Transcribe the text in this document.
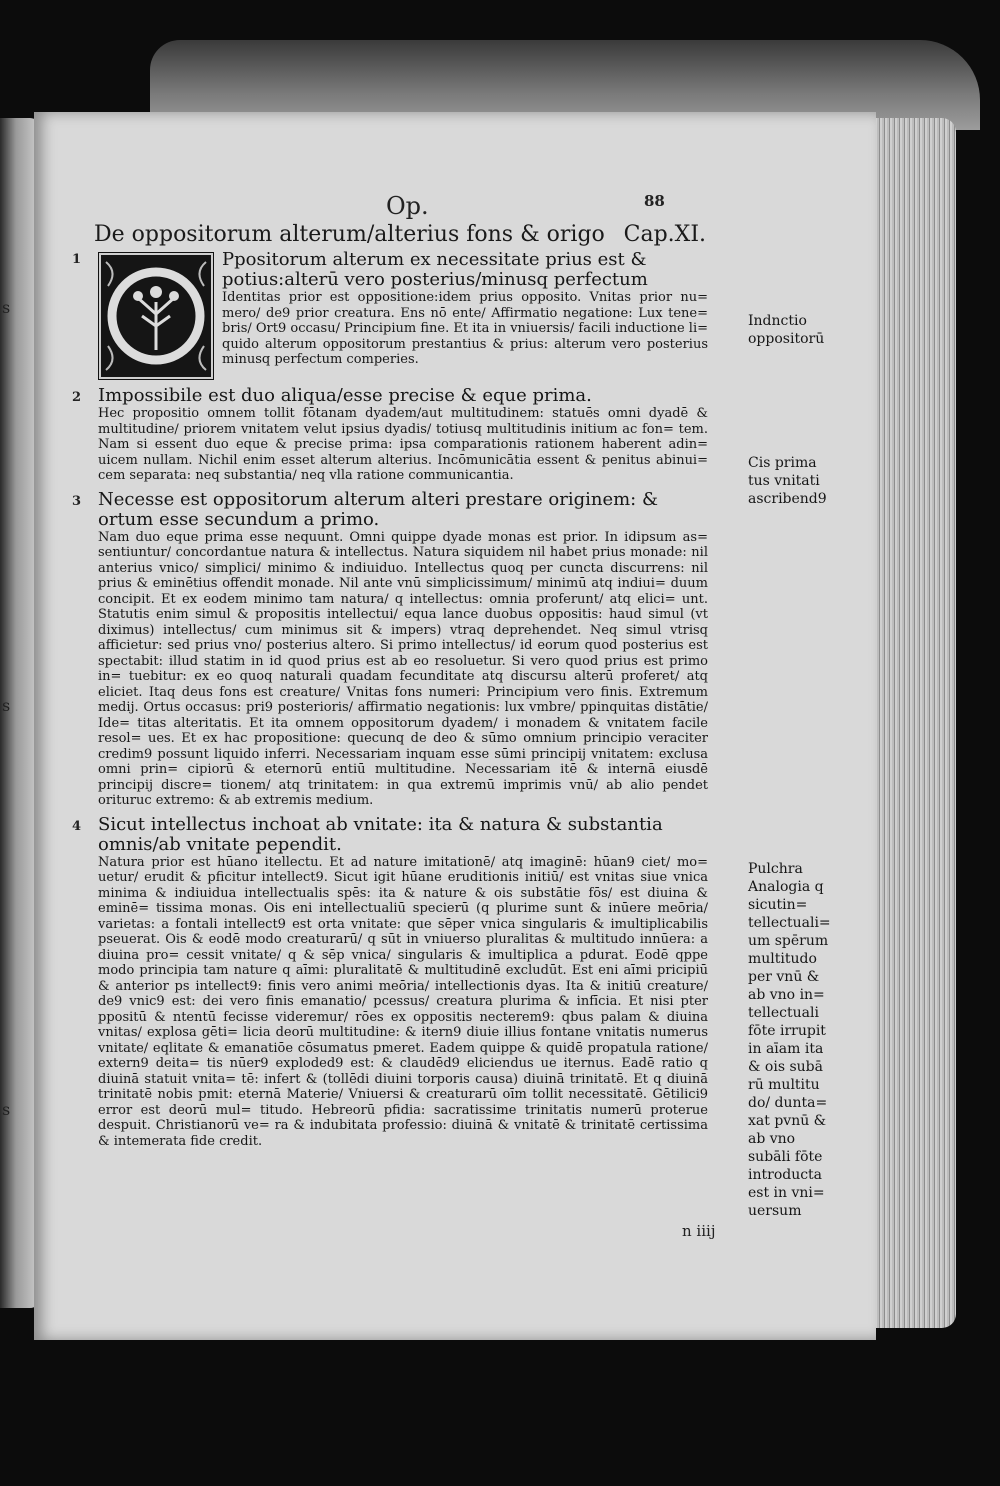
s
s
s
Op.	88
De oppositorum alterum/alterius fons & origo Cap.XI.
1	Ppositorum alterum ex necessitate prius est & potius:alterū vero posterius/minusq perfectum

Identitas prior est oppositione:idem prius opposito. Vnitas prior nu= mero/ de9 prior creatura. Ens nō ente/ Affirmatio negatione: Lux tene= bris/ Ort9 occasu/ Principium fine. Et ita in vniuersis/ facili inductione li= quido alterum oppositorum prestantius & prius: alterum vero posterius minusq perfectum comperies.

2 Impossibile est duo aliqua/esse precise & eque prima.

Hec propositio omnem tollit fōtanam dyadem/aut multitudinem: statuēs omni dyadē & multitudine/ priorem vnitatem velut ipsius dyadis/ totiusq multitudinis initium ac fon= tem. Nam si essent duo eque & precise prima: ipsa comparationis rationem haberent adin= uicem nullam. Nichil enim esset alterum alterius. Incōmunicātia essent & penitus abinui= cem separata: neq substantia/ neq vlla ratione communicantia.

3 Necesse est oppositorum alterum alteri prestare originem: & ortum esse secundum a primo.

Nam duo eque prima esse nequunt. Omni quippe dyade monas est prior. In idipsum as= sentiuntur/ concordantue natura & intellectus. Natura siquidem nil habet prius monade: nil anterius vnico/ simplici/ minimo & indiuiduo. Intellectus quoq per cuncta discurrens: nil prius & eminētius offendit monade. Nil ante vnū simplicissimum/ minimū atq indiui= duum concipit. Et ex eodem minimo tam natura/ q intellectus: omnia proferunt/ atq elici= unt. Statutis enim simul & propositis intellectui/ equa lance duobus oppositis: haud simul (vt diximus) intellectus/ cum minimus sit & impers) vtraq deprehendet. Neq simul vtrisq afficietur: sed prius vno/ posterius altero. Si primo intellectus/ id eorum quod posterius est spectabit: illud statim in id quod prius est ab eo resoluetur. Si vero quod prius est primo in= tuebitur: ex eo quoq naturali quadam fecunditate atq discursu alterū proferet/ atq eliciet. Itaq deus fons est creature/ Vnitas fons numeri: Principium vero finis. Extremum medij. Ortus occasus: pri9 posterioris/ affirmatio negationis: lux vmbre/ ppinquitas distātie/ Ide= titas alteritatis. Et ita omnem oppositorum dyadem/ i monadem & vnitatem facile resol= ues. Et ex hac propositione: quecunq de deo & sūmo omnium principio veraciter credim9 possunt liquido inferri. Necessariam inquam esse sūmi principij vnitatem: exclusa omni prin= cipiorū & eternorū entiū multitudine. Necessariam itē & internā eiusdē principij discre= tionem/ atq trinitatem: in qua extremū imprimis vnū/ ab alio pendet orituruc extremo: & ab extremis medium.

4 Sicut intellectus inchoat ab vnitate: ita & natura & substantia omnis/ab vnitate pependit.

Natura prior est hūano itellectu. Et ad nature imitationē/ atq imaginē: hūan9 ciet/ mo= uetur/ erudit & pficitur intellect9. Sicut igit hūane eruditionis initiū/ est vnitas siue vnica minima & indiuidua intellectualis spēs: ita & nature & ois substātie fōs/ est diuina & eminē= tissima monas. Ois eni intellectualiū specierū (q plurime sunt & inūere meōria/ varietas: a fontali intellect9 est orta vnitate: que sēper vnica singularis & imultiplicabilis pseuerat. Ois & eodē modo creaturarū/ q sūt in vniuerso pluralitas & multitudo innūera: a diuina pro= cessit vnitate/ q & sēp vnica/ singularis & imultiplica a pdurat. Eodē qppe modo principia tam nature q aīmi: pluralitatē & multitudinē excludūt. Est eni aīmi pricipiū & anterior ps intellect9: finis vero animi meōria/ intellectionis dyas. Ita & initiū creature/ de9 vnic9 est: dei vero finis emanatio/ pcessus/ creatura plurima & infīcia. Et nisi pter ppositū & ntentū fecisse videremur/ rōes ex oppositis necterem9: qbus palam & diuina vnitas/ explosa gēti= licia deorū multitudine: & itern9 diuie illius fontane vnitatis numerus vnitate/ eqlitate & emanatiōe cōsumatus pmeret. Eadem quippe & quidē propatula ratione/ extern9 deita= tis nūer9 exploded9 est: & claudēd9 eliciendus ue iternus. Eadē ratio q diuinā statuit vnita= tē: infert & (tollēdi diuini torporis causa) diuinā trinitatē. Et q diuinā trinitatē nobis pmit: eternā Materie/ Vniuersi & creaturarū oīm tollit necessitatē. Gētilici9 error est deorū mul= titudo. Hebreorū pfidia: sacratissime trinitatis numerū proterue despuit. Christianorū ve= ra & indubitata professio: diuinā & vnitatē & trinitatē certissima & intemerata fide credit.

Indnctio oppositorū
Cis prima tus vnitati ascribend9
Pulchra Analogia q sicutin= tellectuali= um spērum multitudo per vnū & ab vno in= tellectuali fōte irrupit in aīam ita & ois subā rū multitu do/ dunta= xat pvnū & ab vno subāli fōte introducta est in vni= uersum
n iiij
